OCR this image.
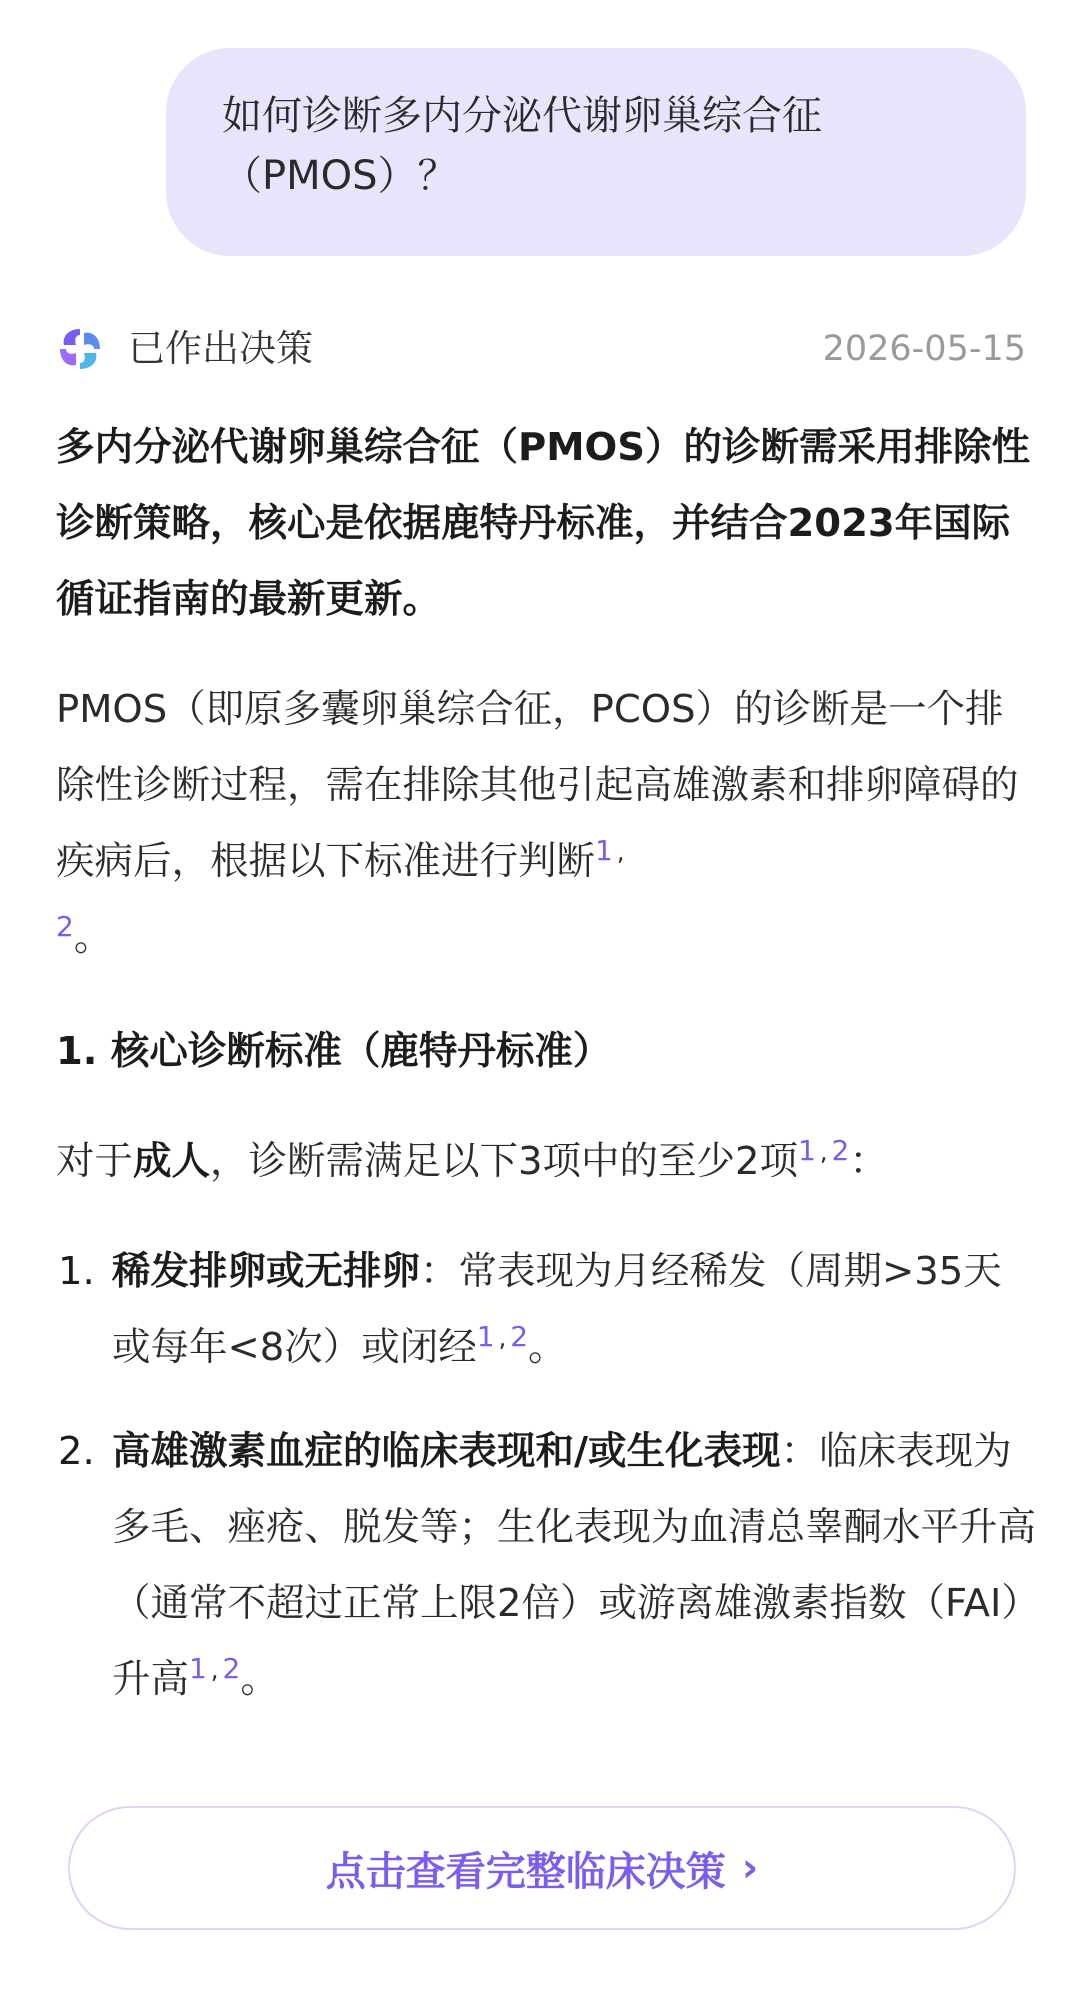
如何诊断多内分泌代谢卵巢综合征
（PMOS）？
已作出决策	2026-05-15
多内分泌代谢卵巢综合征（PMOS）的诊断需采用排除性诊断策略，核心是依据鹿特丹标准，并结合2023年国际循证指南的最新更新。
PMOS（即原多囊卵巢综合征，PCOS）的诊断是一个排除性诊断过程，需在排除其他引起高雄激素和排卵障碍的疾病后，根据以下标准进行判断$^1$ ,
$^2$。
1. 核心诊断标准（鹿特丹标准）
对于成人，诊断需满足以下3项中的至少2项$^1$ , $^2$：
1. 稀发排卵或无排卵：常表现为月经稀发（周期>35天或每年<8次）或闭经$^1$ , $^2$。
2. 高雄激素血症的临床表现和/或生化表现：临床表现为多毛、痤疮、脱发等；生化表现为血清总睾酮水平升高（通常不超过正常上限2倍）或游离雄激素指数（FAI）升高$^1$ , $^2$。
点击查看完整临床决策 ›
